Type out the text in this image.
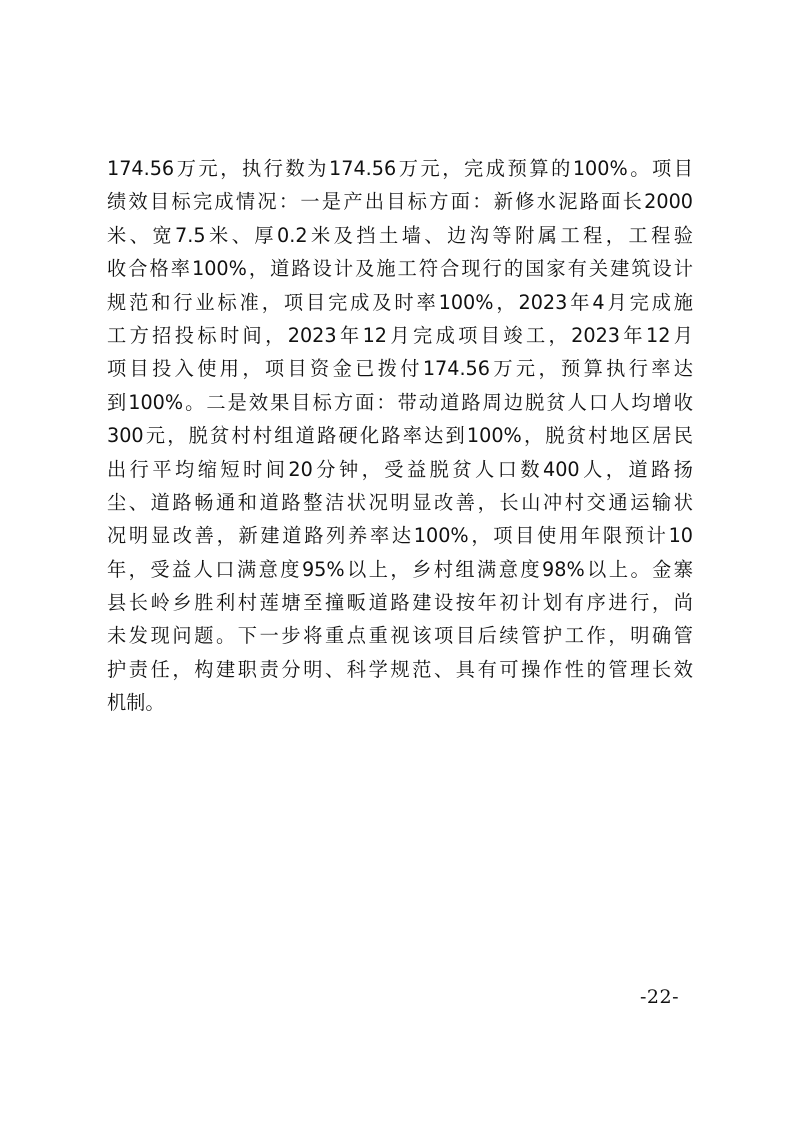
174.56万元，执行数为174.56万元，完成预算的100%。项目
绩效目标完成情况：一是产出目标方面：新修水泥路面长2000
米、宽7.5米、厚0.2米及挡土墙、边沟等附属工程，工程验
收合格率100%，道路设计及施工符合现行的国家有关建筑设计
规范和行业标准，项目完成及时率100%，2023年4月完成施
工方招投标时间，2023年12月完成项目竣工，2023年12月
项目投入使用，项目资金已拨付174.56万元，预算执行率达
到100%。二是效果目标方面：带动道路周边脱贫人口人均增收
300元，脱贫村村组道路硬化路率达到100%，脱贫村地区居民
出行平均缩短时间20分钟，受益脱贫人口数400人，道路扬
尘、道路畅通和道路整洁状况明显改善，长山冲村交通运输状
况明显改善，新建道路列养率达100%，项目使用年限预计10
年，受益人口满意度95%以上，乡村组满意度98%以上。金寨
县长岭乡胜利村莲塘至撞畈道路建设按年初计划有序进行，尚
未发现问题。下一步将重点重视该项目后续管护工作，明确管
护责任，构建职责分明、科学规范、具有可操作性的管理长效
机制。
-22-
